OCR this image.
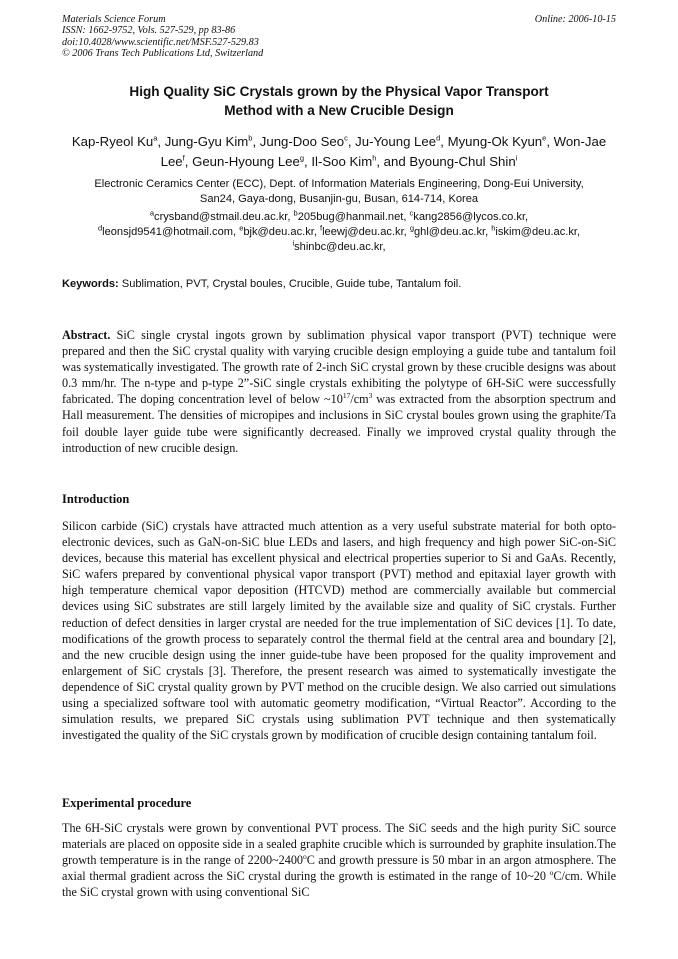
Materials Science Forum
ISSN: 1662-9752, Vols. 527-529, pp 83-86
doi:10.4028/www.scientific.net/MSF.527-529.83
© 2006 Trans Tech Publications Ltd, Switzerland
Online: 2006-10-15
High Quality SiC Crystals grown by the Physical Vapor Transport
Method with a New Crucible Design
Kap-Ryeol Ku$^a$, Jung-Gyu Kim$^b$, Jung-Doo Seo$^c$, Ju-Young Lee$^d$, Myung-Ok Kyun$^e$, Won-Jae Lee$^f$, Geun-Hyoung Lee$^g$, Il-Soo Kim$^h$, and Byoung-Chul Shin$^i$
Electronic Ceramics Center (ECC), Dept. of Information Materials Engineering, Dong-Eui University,
San24, Gaya-dong, Busanjin-gu, Busan, 614-714, Korea
$^a$crysband@stmail.deu.ac.kr, $^b$205bug@hanmail.net, $^c$kang2856@lycos.co.kr,
$^d$leonsjd9541@hotmail.com, $^e$bjk@deu.ac.kr, $^f$leewj@deu.ac.kr, $^g$ghl@deu.ac.kr, $^h$iskim@deu.ac.kr,
$^i$shinbc@deu.ac.kr,
Keywords: Sublimation, PVT, Crystal boules, Crucible, Guide tube, Tantalum foil.
Abstract. SiC single crystal ingots grown by sublimation physical vapor transport (PVT) technique were prepared and then the SiC crystal quality with varying crucible design employing a guide tube and tantalum foil was systematically investigated. The growth rate of 2-inch SiC crystal grown by these crucible designs was about 0.3 mm/hr. The n-type and p-type 2”-SiC single crystals exhibiting the polytype of 6H-SiC were successfully fabricated. The doping concentration level of below $\sim 10^{17}/cm^3$ was extracted from the absorption spectrum and Hall measurement. The densities of micropipes and inclusions in SiC crystal boules grown using the graphite/Ta foil double layer guide tube were significantly decreased. Finally we improved crystal quality through the introduction of new crucible design.
Introduction
Silicon carbide (SiC) crystals have attracted much attention as a very useful substrate material for both opto-electronic devices, such as GaN-on-SiC blue LEDs and lasers, and high frequency and high power SiC-on-SiC devices, because this material has excellent physical and electrical properties superior to Si and GaAs. Recently, SiC wafers prepared by conventional physical vapor transport (PVT) method and epitaxial layer growth with high temperature chemical vapor deposition (HTCVD) method are commercially available but commercial devices using SiC substrates are still largely limited by the available size and quality of SiC crystals. Further reduction of defect densities in larger crystal are needed for the true implementation of SiC devices [1]. To date, modifications of the growth process to separately control the thermal field at the central area and boundary [2], and the new crucible design using the inner guide-tube have been proposed for the quality improvement and enlargement of SiC crystals [3]. Therefore, the present research was aimed to systematically investigate the dependence of SiC crystal quality grown by PVT method on the crucible design. We also carried out simulations using a specialized software tool with automatic geometry modification, “Virtual Reactor”. According to the simulation results, we prepared SiC crystals using sublimation PVT technique and then systematically investigated the quality of the SiC crystals grown by modification of crucible design containing tantalum foil.
Experimental procedure
The 6H-SiC crystals were grown by conventional PVT process. The SiC seeds and the high purity SiC source materials are placed on opposite side in a sealed graphite crucible which is surrounded by graphite insulation.The growth temperature is in the range of 2200~2400$^o$C and growth pressure is 50 mbar in an argon atmosphere. The axial thermal gradient across the SiC crystal during the growth is estimated in the range of 10~20 $^o$C/cm. While the SiC crystal grown with using conventional SiC
